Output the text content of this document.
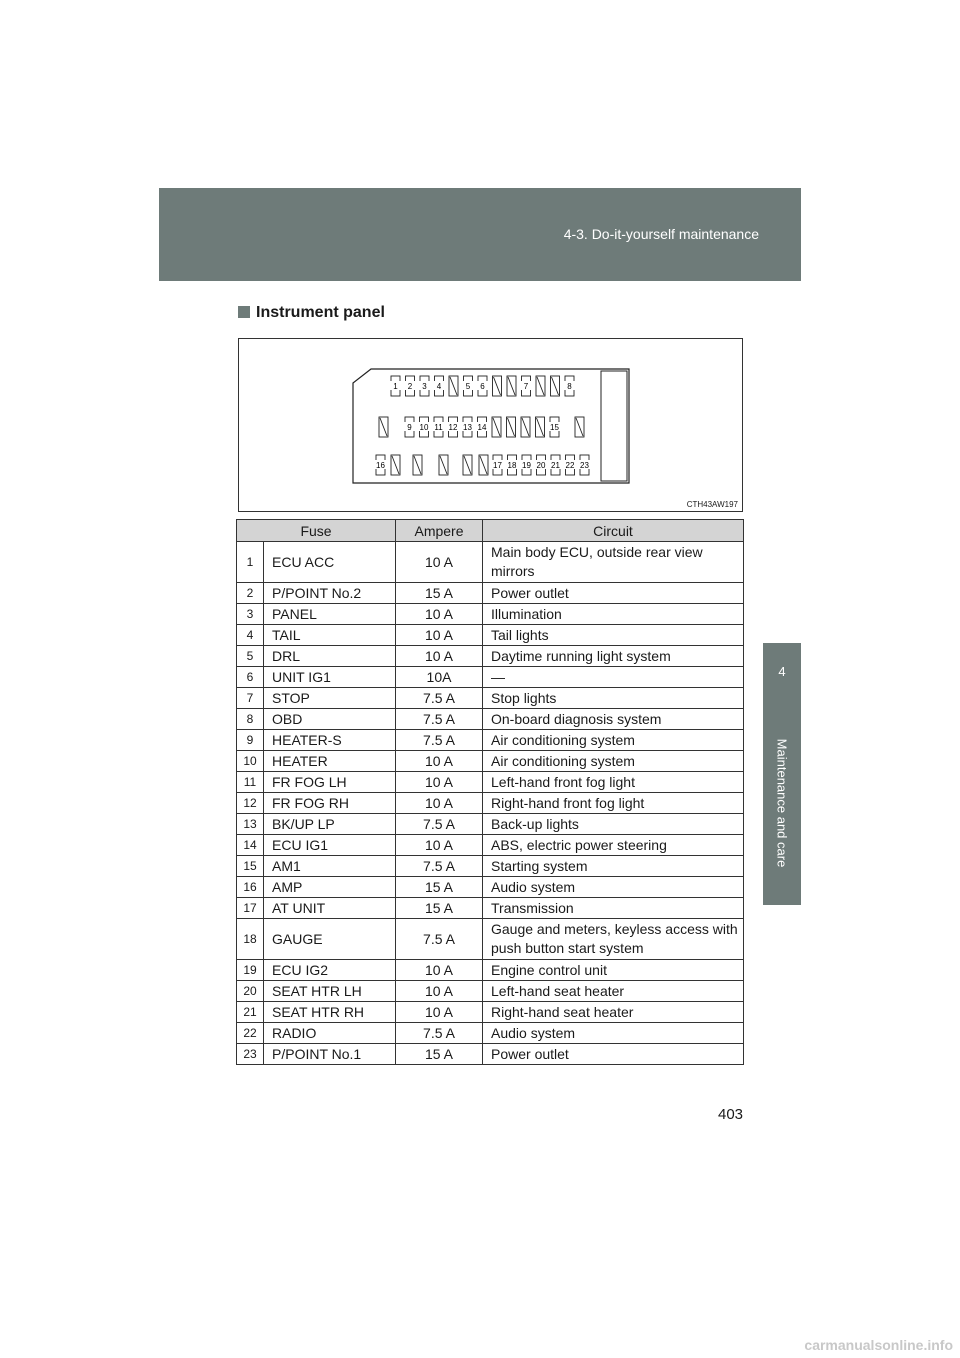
4-3. Do-it-yourself maintenance
4
Maintenance and care
Instrument panel
1 2 3 4	5 6	7	8
9 10 11 12 13 14	15
16	17 18 19 20 21 22 23
CTH43AW197
Fuse		Ampere	Circuit
1	ECU ACC	10 A	Main body ECU, outside rear view mirrors
2	P/POINT No.2	15 A	Power outlet
3	PANEL	10 A	Illumination
4	TAIL	10 A	Tail lights
5	DRL	10 A	Daytime running light system
6	UNIT IG1	10A	—
7	STOP	7.5 A	Stop lights
8	OBD	7.5 A	On-board diagnosis system
9	HEATER-S	7.5 A	Air conditioning system
10	HEATER	10 A	Air conditioning system
11	FR FOG LH	10 A	Left-hand front fog light
12	FR FOG RH	10 A	Right-hand front fog light
13	BK/UP LP	7.5 A	Back-up lights
14	ECU IG1	10 A	ABS, electric power steering
15	AM1	7.5 A	Starting system
16	AMP	15 A	Audio system
17	AT UNIT	15 A	Transmission
18	GAUGE	7.5 A	Gauge and meters, keyless access with push button start system
19	ECU IG2	10 A	Engine control unit
20	SEAT HTR LH	10 A	Left-hand seat heater
21	SEAT HTR RH	10 A	Right-hand seat heater
22	RADIO	7.5 A	Audio system
23	P/POINT No.1	15 A	Power outlet
403
carmanualsonline.info
